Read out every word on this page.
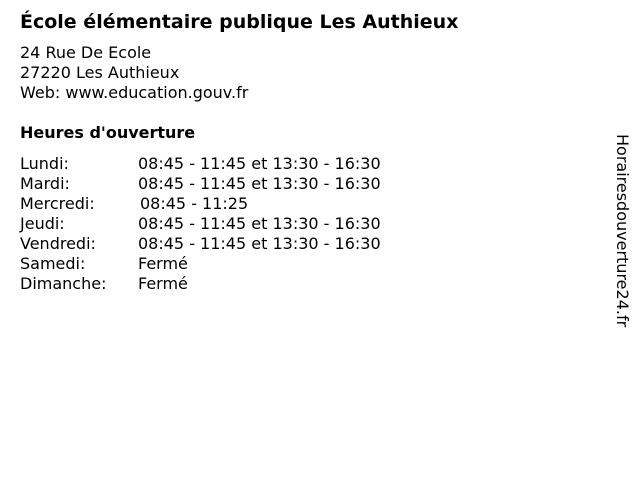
École élémentaire publique Les Authieux
24 Rue De Ecole
27220 Les Authieux
Web: www.education.gouv.fr
Heures d'ouverture
Lundi:	08:45 - 11:45 et 13:30 - 16:30
Mardi:	08:45 - 11:45 et 13:30 - 16:30
Mercredi:	08:45 - 11:25
Jeudi:	08:45 - 11:45 et 13:30 - 16:30
Vendredi:	08:45 - 11:45 et 13:30 - 16:30
Samedi:	Fermé
Dimanche: Fermé	Horairesdouverture24.fr
